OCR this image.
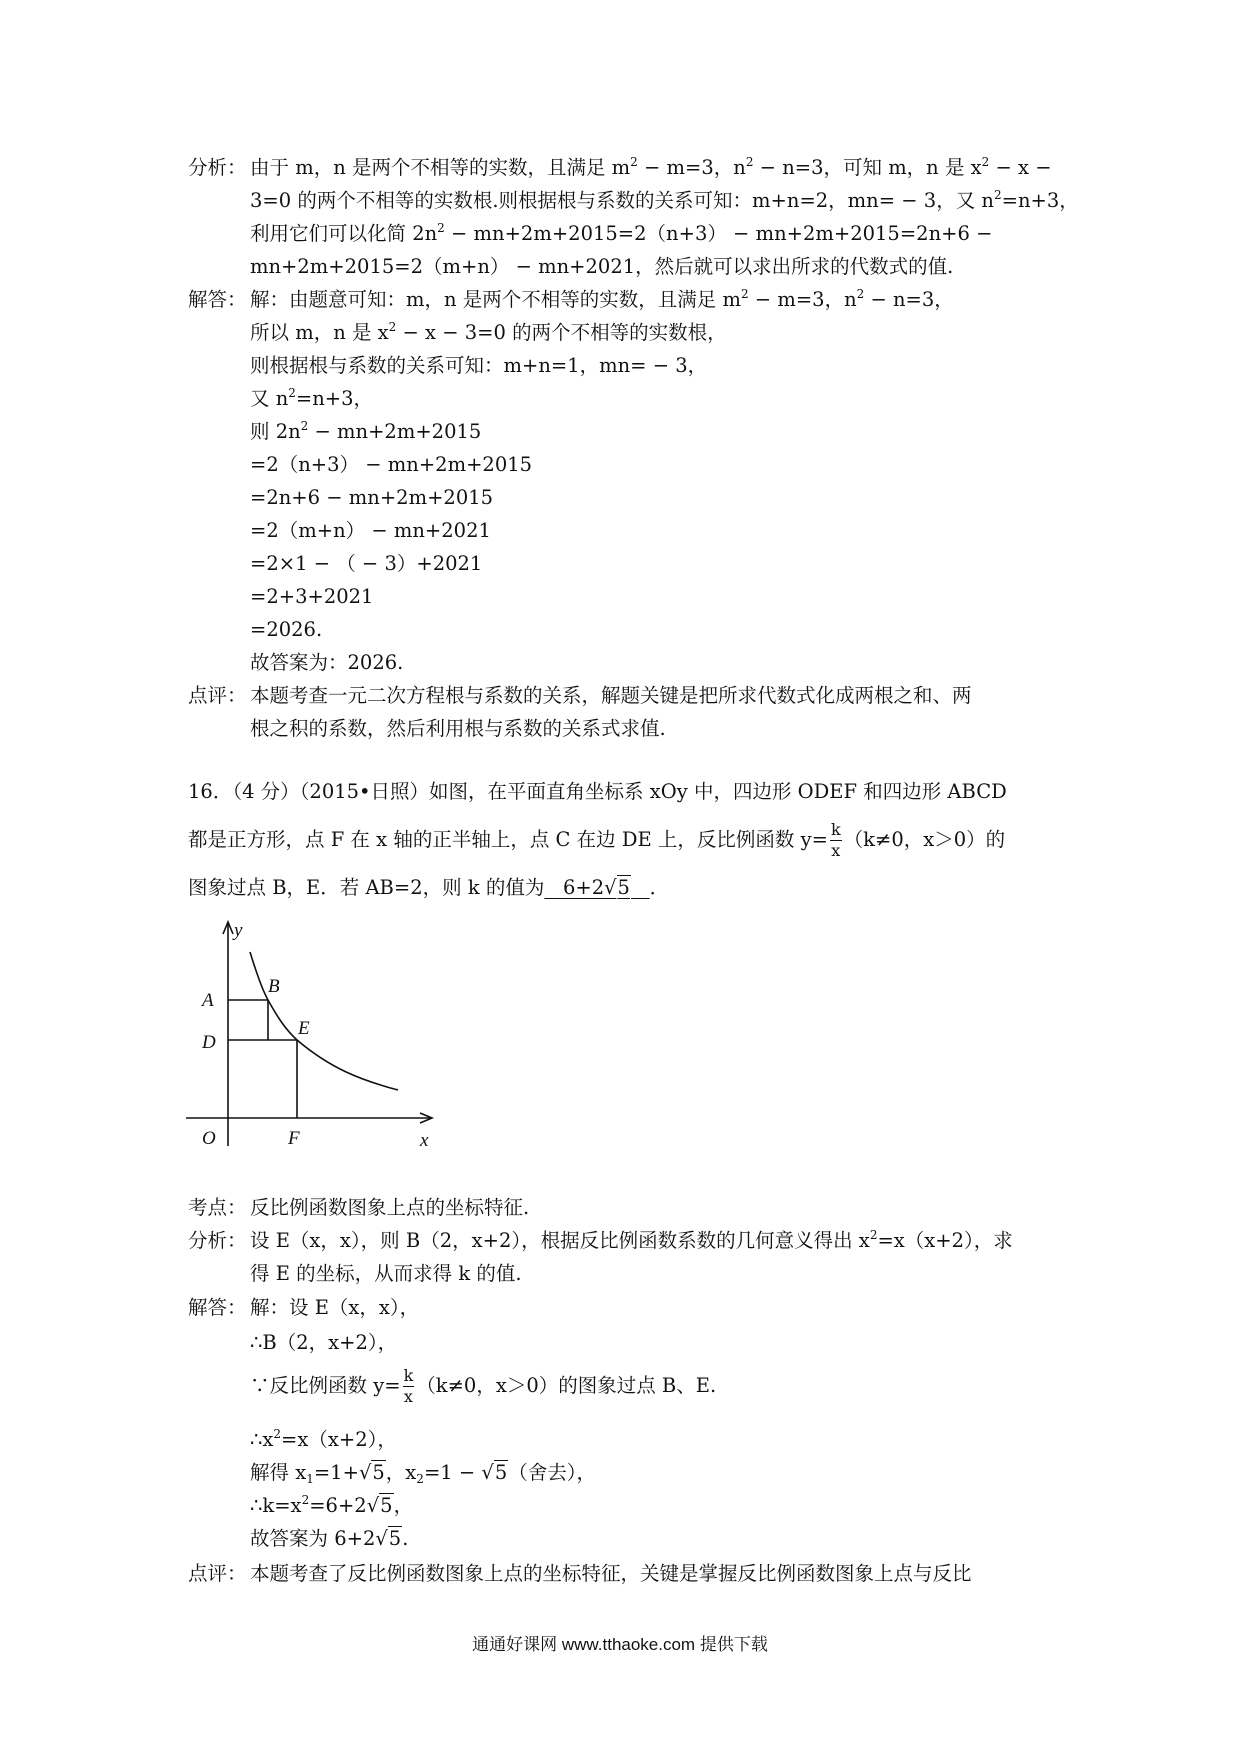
分析： 由于 m，n 是两个不相等的实数，且满足 $m^2 - m=3$，$n^2 - n=3$，可知 m，n 是 $x^2 - x$ −
3=0 的两个不相等的实数根.则根据根与系数的关系可知：m+n=2，mn= − 3，又 $n^2=n+3$，
利用它们可以化简 $2n^2 - mn+2m+2015=2(n+3) - mn+2m+2015=2n+6$ −
mn+2m+2015=2（m+n） − mn+2021，然后就可以求出所求的代数式的值.
解答： 解：由题意可知：m，n 是两个不相等的实数，且满足 $m^2 - m=3$，$n^2 - n=3$，
所以 m，n 是 $x^2 - x - 3=0$ 的两个不相等的实数根，
则根据根与系数的关系可知：m+n=1，mn= − 3，
又 $n^2=n+3$，
则 $2n^2 - mn+2m+2015$
=2（n+3） − mn+2m+2015
=2n+6 − mn+2m+2015
=2（m+n） − mn+2021
=2×1 − （ − 3）+2021
=2+3+2021
=2026.
故答案为：2026.
点评： 本题考查一元二次方程根与系数的关系，解题关键是把所求代数式化成两根之和、两
根之积的系数，然后利用根与系数的关系式求值.
16．（4 分）（2015•日照）如图，在平面直角坐标系 xOy 中，四边形 ODEF 和四边形 ABCD
都是正方形，点 F 在 x 轴的正半轴上，点 C 在边 DE 上，反比例函数 $y= \frac{k}{x} (k\ne 0$，x＞0）的
图象过点 B，E．若 AB=2，则 k 的值为 6+2√5 ．
y
x
O
A
B
D
E
F
考点： 反比例函数图象上点的坐标特征.
分析： 设 E（x，x），则 B（2，x+2），根据反比例函数系数的几何意义得出 $x^2=x(x+2)$，求
得 E 的坐标，从而求得 k 的值.
解答： 解：设 E（x，x），
∴B（2，x+2），
∵反比例函数 $y= \frac{k}{x} (k\ne 0$，x＞0）的图象过点 B、E.
$\therefore x^2=x(x+2)$，
解得 $x_1=1+√5$，$x_2=1 - √5$（舍去），
$\therefore k=x^2=6+2√5$，
故答案为 6+2√5.
点评： 本题考查了反比例函数图象上点的坐标特征，关键是掌握反比例函数图象上点与反比
通通好课网 www.tthaoke.com 提供下载
